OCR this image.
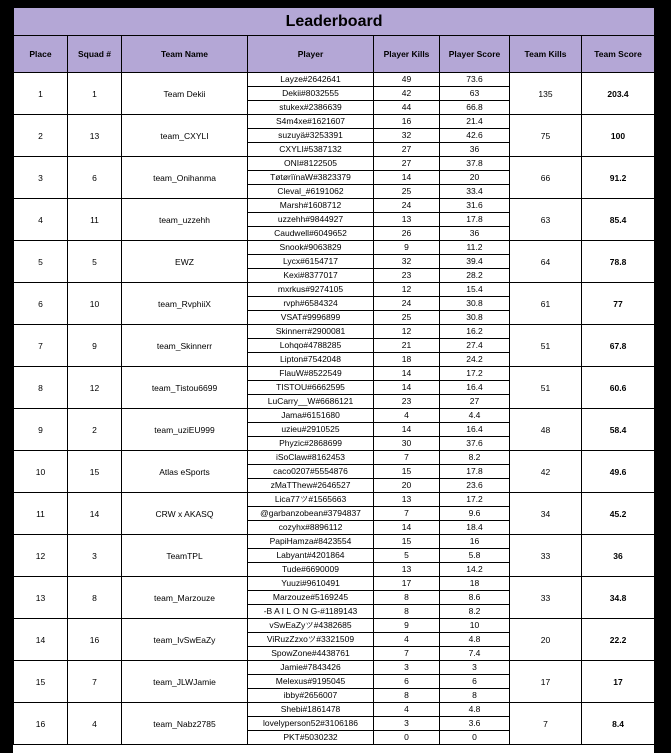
Leaderboard							
Place	Squad #	Team Name	Player	Player Kills	Player Score	Team Kills	Team Score
1	1	Team Dekii	Layze#2642641	49	73.6	135	203.4
			Dekii#8032555	42	63		
			stukex#2386639	44	66.8		
2	13	team_CXYLI	S4m4xe#1621607	16	21.4	75	100
			suzuyä#3253391	32	42.6		
			CXYLI#5387132	27	36		
3	6	team_Onihanma	ONI#8122505	27	37.8	66	91.2
			TøtørïïnaW#3823379	14	20		
			Cleval_#6191062	25	33.4		
4	11	team_uzzehh	Marsh#1608712	24	31.6	63	85.4
			uzzehh#9844927	13	17.8		
			Caudwell#6049652	26	36		
5	5	EWZ	Snook#9063829	9	11.2	64	78.8
			Lycx#6154717	32	39.4		
			Kexi#8377017	23	28.2		
6	10	team_RvphiiX	mxrkus#9274105	12	15.4	61	77
			rvph#6584324	24	30.8		
			VSAT#9996899	25	30.8		
7	9	team_Skinnerr	Skinnerr#2900081	12	16.2	51	67.8
			Lohqo#4788285	21	27.4		
			Lipton#7542048	18	24.2		
8	12	team_Tistou6699	FlauW#8522549	14	17.2	51	60.6
			TISTOU#6662595	14	16.4		
			LuCarry__W#6686121	23	27		
9	2	team_uziEU999	Jama#6151680	4	4.4	48	58.4
			uzieu#2910525	14	16.4		
			Phyzic#2868699	30	37.6		
10	15	Atlas eSports	iSoClaw#8162453	7	8.2	42	49.6
			caco0207#5554876	15	17.8		
			zMaTThew#2646527	20	23.6		
11	14	CRW x AKASQ	Lica77ツ#1565663	13	17.2	34	45.2
			@garbanzobean#3794837	7	9.6		
			cozyhx#8896112	14	18.4		
12	3	TeamTPL	PapiHamza#8423554	15	16	33	36
			Labyant#4201864	5	5.8		
			Tude#6690009	13	14.2		
13	8	team_Marzouze	Yuuzi#9610491	17	18	33	34.8
			Marzouze#5169245	8	8.6		
			-B A I L O N G-#1189143	8	8.2		
14	16	team_IvSwEaZy	vSwEaZyツ#4382685	9	10	20	22.2
			ViRuzZzxoツ#3321509	4	4.8		
			SpowZone#4438761	7	7.4		
15	7	team_JLWJamie	Jamie#7843426	3	3	17	17
			Melexus#9195045	6	6		
			ibby#2656007	8	8		
16	4	team_Nabz2785	Shebi#1861478	4	4.8	7	8.4
			lovelyperson52#3106186	3	3.6		
			PKT#5030232	0	0		
